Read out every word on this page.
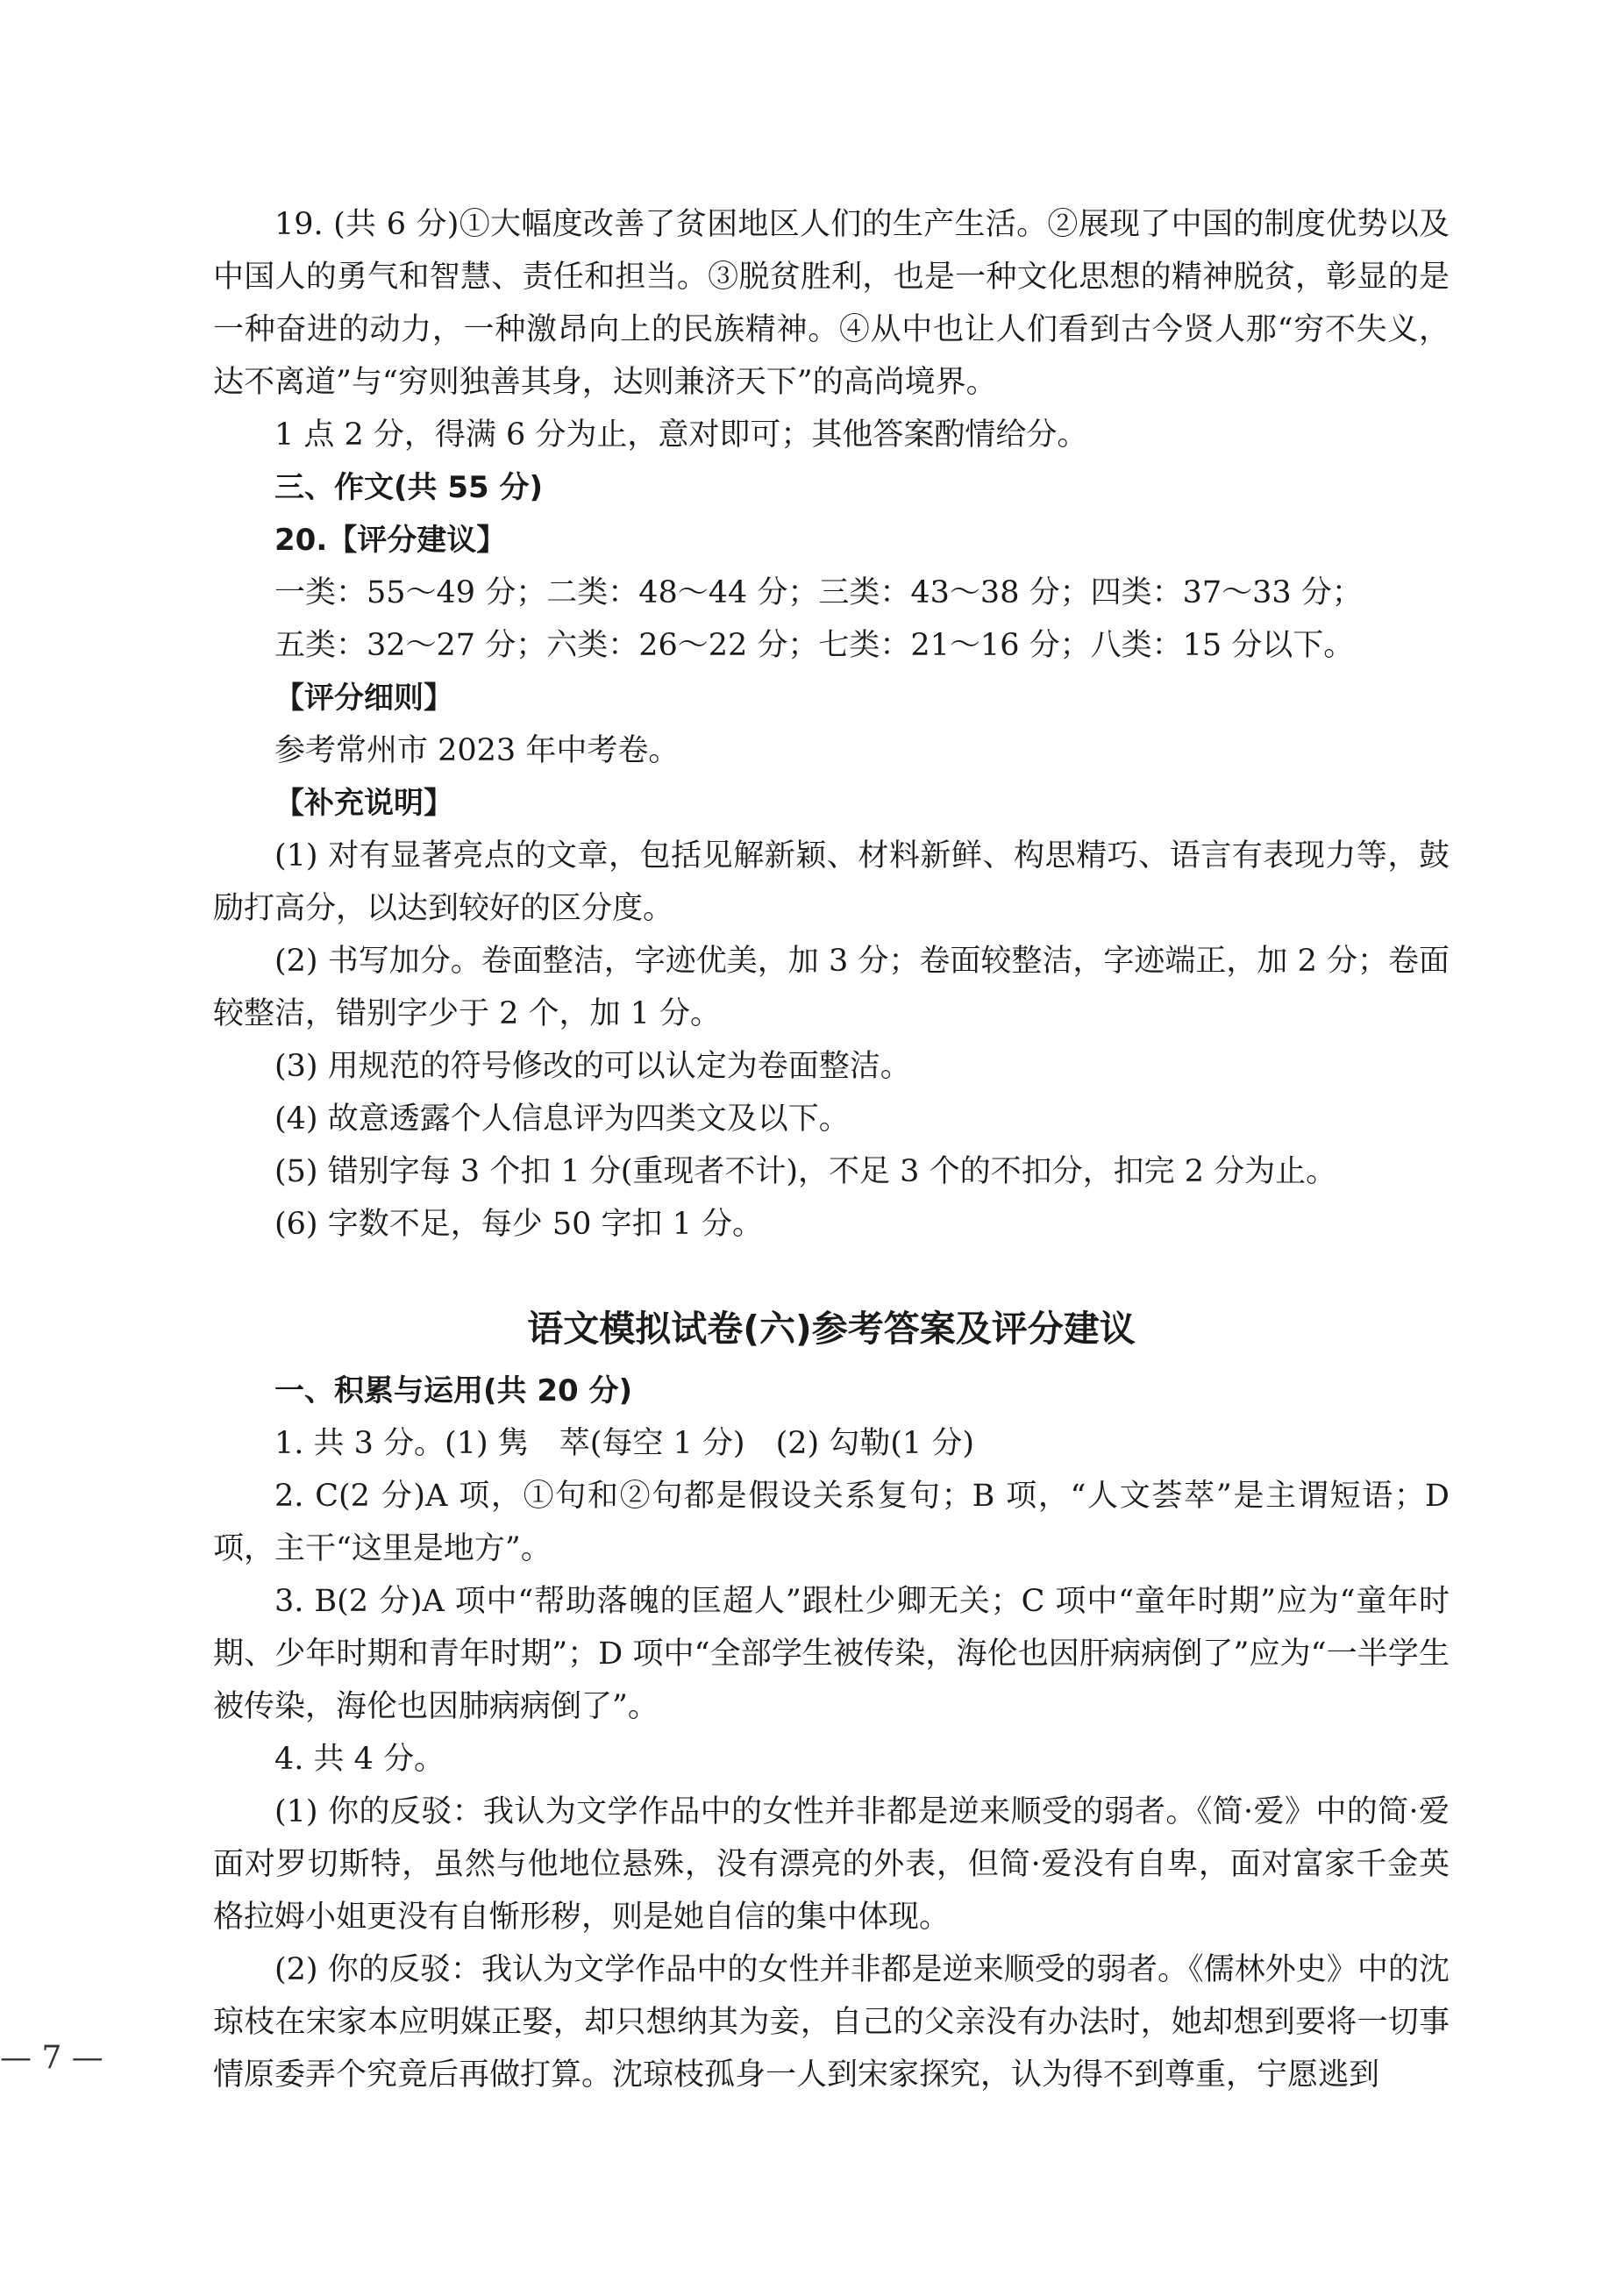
19. (共 6 分)①大幅度改善了贫困地区人们的生产生活。②展现了中国的制度优势以及中国人的勇气和智慧、责任和担当。③脱贫胜利，也是一种文化思想的精神脱贫，彰显的是一种奋进的动力，一种激昂向上的民族精神。④从中也让人们看到古今贤人那“穷不失义，达不离道”与“穷则独善其身，达则兼济天下”的高尚境界。

1 点 2 分，得满 6 分为止，意对即可；其他答案酌情给分。

三、作文(共 55 分)

20.【评分建议】

一类：55～49 分；二类：48～44 分；三类：43～38 分；四类：37～33 分；

五类：32～27 分；六类：26～22 分；七类：21～16 分；八类：15 分以下。

【评分细则】

参考常州市 2023 年中考卷。

【补充说明】

(1) 对有显著亮点的文章，包括见解新颖、材料新鲜、构思精巧、语言有表现力等，鼓励打高分，以达到较好的区分度。

(2) 书写加分。卷面整洁，字迹优美，加 3 分；卷面较整洁，字迹端正，加 2 分；卷面较整洁，错别字少于 2 个，加 1 分。

(3) 用规范的符号修改的可以认定为卷面整洁。

(4) 故意透露个人信息评为四类文及以下。

(5) 错别字每 3 个扣 1 分(重现者不计)，不足 3 个的不扣分，扣完 2 分为止。

(6) 字数不足，每少 50 字扣 1 分。

语文模拟试卷(六)参考答案及评分建议

一、积累与运用(共 20 分)

1. 共 3 分。(1) 隽　萃(每空 1 分)　(2) 勾勒(1 分)

2. C(2 分)A 项，①句和②句都是假设关系复句；B 项，“人文荟萃”是主谓短语；D 项，主干“这里是地方”。

3. B(2 分)A 项中“帮助落魄的匡超人”跟杜少卿无关；C 项中“童年时期”应为“童年时期、少年时期和青年时期”；D 项中“全部学生被传染，海伦也因肝病病倒了”应为“一半学生被传染，海伦也因肺病病倒了”。

4. 共 4 分。

(1) 你的反驳：我认为文学作品中的女性并非都是逆来顺受的弱者。《简·爱》中的简·爱面对罗切斯特，虽然与他地位悬殊，没有漂亮的外表，但简·爱没有自卑，面对富家千金英格拉姆小姐更没有自惭形秽，则是她自信的集中体现。

(2) 你的反驳：我认为文学作品中的女性并非都是逆来顺受的弱者。《儒林外史》中的沈琼枝在宋家本应明媒正娶，却只想纳其为妾，自己的父亲没有办法时，她却想到要将一切事情原委弄个究竟后再做打算。沈琼枝孤身一人到宋家探究，认为得不到尊重，宁愿逃到

— 7 —
